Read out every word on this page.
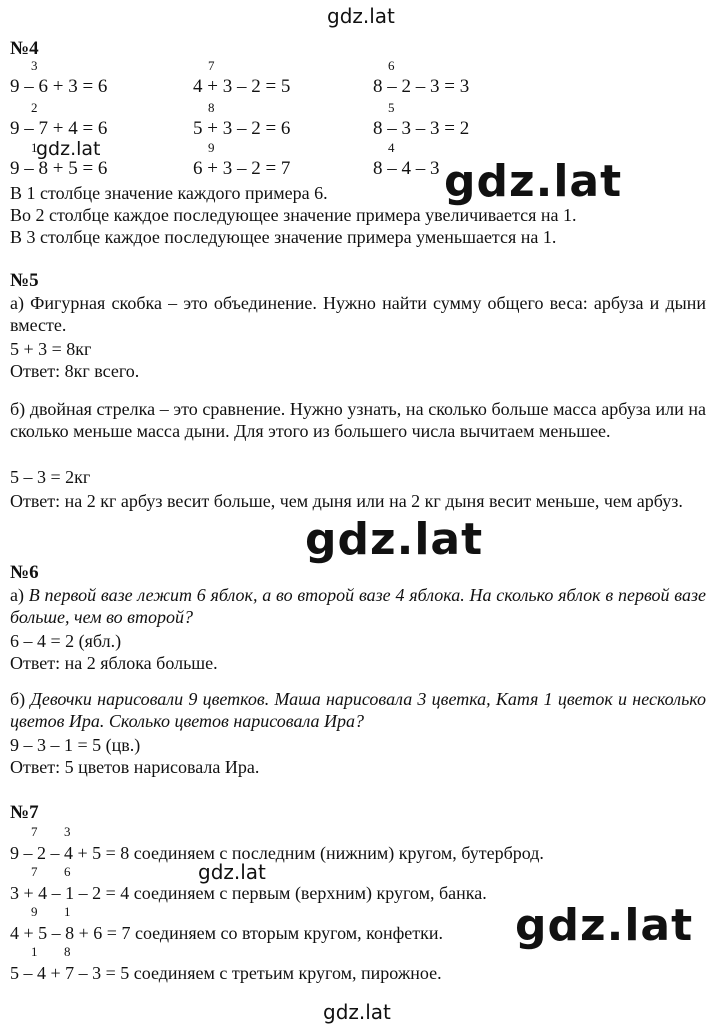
gdz.lat
№4
3
9 – 6 + 3 = 6
7
4 + 3 – 2 = 5
6
8 – 2 – 3 = 3
2
9 – 7 + 4 = 6
8
5 + 3 – 2 = 6
5
8 – 3 – 3 = 2
1
9 – 8 + 5 = 6
9
6 + 3 – 2 = 7
4
8 – 4 – 3
gdz.lat
gdz.lat
В 1 столбце значение каждого примера 6.
Во 2 столбце каждое последующее значение примера увеличивается на 1.
В 3 столбце каждое последующее значение примера уменьшается на 1.
№5
а) Фигурная скобка – это объединение. Нужно найти сумму общего веса: арбуза и дыни вместе.
5 + 3 = 8кг
Ответ: 8кг всего.
б) двойная стрелка – это сравнение. Нужно узнать, на сколько больше масса арбуза или на сколько меньше масса дыни. Для этого из большего числа вычитаем меньшее.
5 – 3 = 2кг
Ответ: на 2 кг арбуз весит больше, чем дыня или на 2 кг дыня весит меньше, чем арбуз.
gdz.lat
№6
а) В первой вазе лежит 6 яблок, а во второй вазе 4 яблока. На сколько яблок в первой вазе больше, чем во второй?
6 – 4 = 2 (ябл.)
Ответ: на 2 яблока больше.
б) Девочки нарисовали 9 цветков. Маша нарисовала 3 цветка, Катя 1 цветок и несколько цветов Ира. Сколько цветов нарисовала Ира?
9 – 3 – 1 = 5 (цв.)
Ответ: 5 цветов нарисовала Ира.
№7
7 3
9 – 2 – 4 + 5 = 8 соединяем с последним (нижним) кругом, бутерброд.
7 6
3 + 4 – 1 – 2 = 4 соединяем с первым (верхним) кругом, банка.
gdz.lat
9 1
4 + 5 – 8 + 6 = 7 соединяем со вторым кругом, конфетки. gdz.lat
1 8
5 – 4 + 7 – 3 = 5 соединяем с третьим кругом, пирожное.
gdz.lat
